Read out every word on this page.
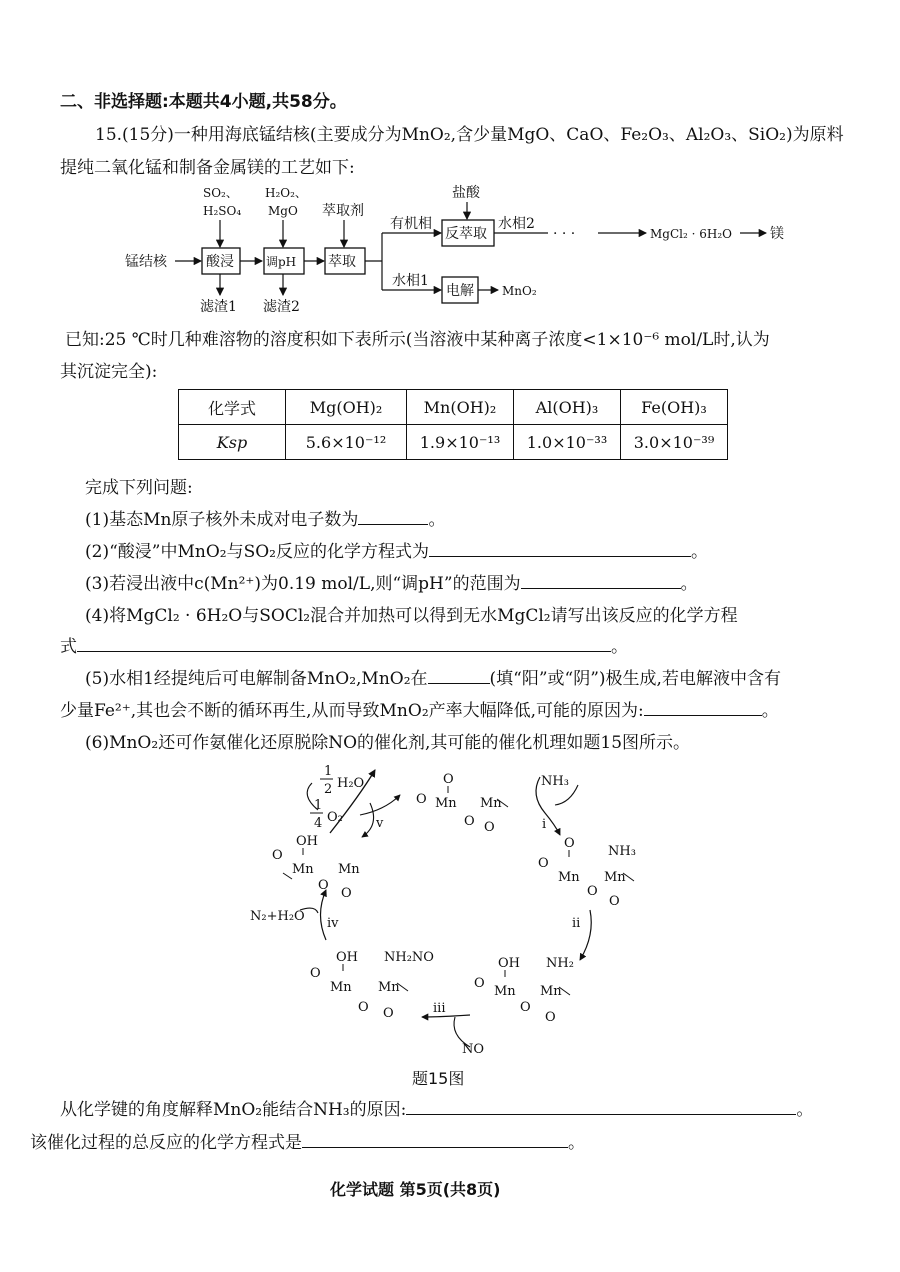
二、非选择题:本题共4小题,共58分。
15.(15分)一种用海底锰结核(主要成分为MnO₂,含少量MgO、CaO、Fe₂O₃、Al₂O₃、SiO₂)为原料
提纯二氧化锰和制备金属镁的工艺如下:
锰结核
SO₂、
H₂SO₄
酸浸
滤渣1
H₂O₂、
MgO
调pH
滤渣2
萃取剂
萃取
有机相
水相1
盐酸
反萃取
水相2
· · ·	MgCl₂ · 6H₂O	镁
电解 MnO₂
已知:25 ℃时几种难溶物的溶度积如下表所示(当溶液中某种离子浓度<1×10⁻⁶ mol/L时,认为
其沉淀完全):
化学式	Mg(OH)₂	Mn(OH)₂	Al(OH)₃	Fe(OH)₃
Ksp	5.6×10⁻¹²	1.9×10⁻¹³	1.0×10⁻³³	3.0×10⁻³⁹
完成下列问题:
(1)基态Mn原子核外未成对电子数为	。
(2)“酸浸”中MnO₂与SO₂反应的化学方程式为	。
(3)若浸出液中c(Mn²⁺)为0.19 mol/L,则“调pH”的范围为	。
(4)将MgCl₂ · 6H₂O与SOCl₂混合并加热可以得到无水MgCl₂请写出该反应的化学方程
式	。
(5)水相1经提纯后可电解制备MnO₂,MnO₂在	(填“阳”或“阴”)极生成,若电解液中含有
少量Fe²⁺,其也会不断的循环再生,从而导致MnO₂产率大幅降低,可能的原因为:	。
(6)MnO₂还可作氨催化还原脱除NO的催化剂,其可能的催化机理如题15图所示。
1
2 H₂O
1
4 O₂	v
O
O
Mn
O
Mn
O
NH₃
i
O
O
Mn
O
NH₃
Mn
O
ii
O
OH
Mn
O
NH₂
Mn
O
iii
NO
O
OH
Mn
O
NH₂NO
Mn
O
iv
N₂+H₂O
OH
O
Mn
O
Mn
O
题15图
从化学键的角度解释MnO₂能结合NH₃的原因:	。
该催化过程的总反应的化学方程式是	。
化学试题 第5页(共8页)
